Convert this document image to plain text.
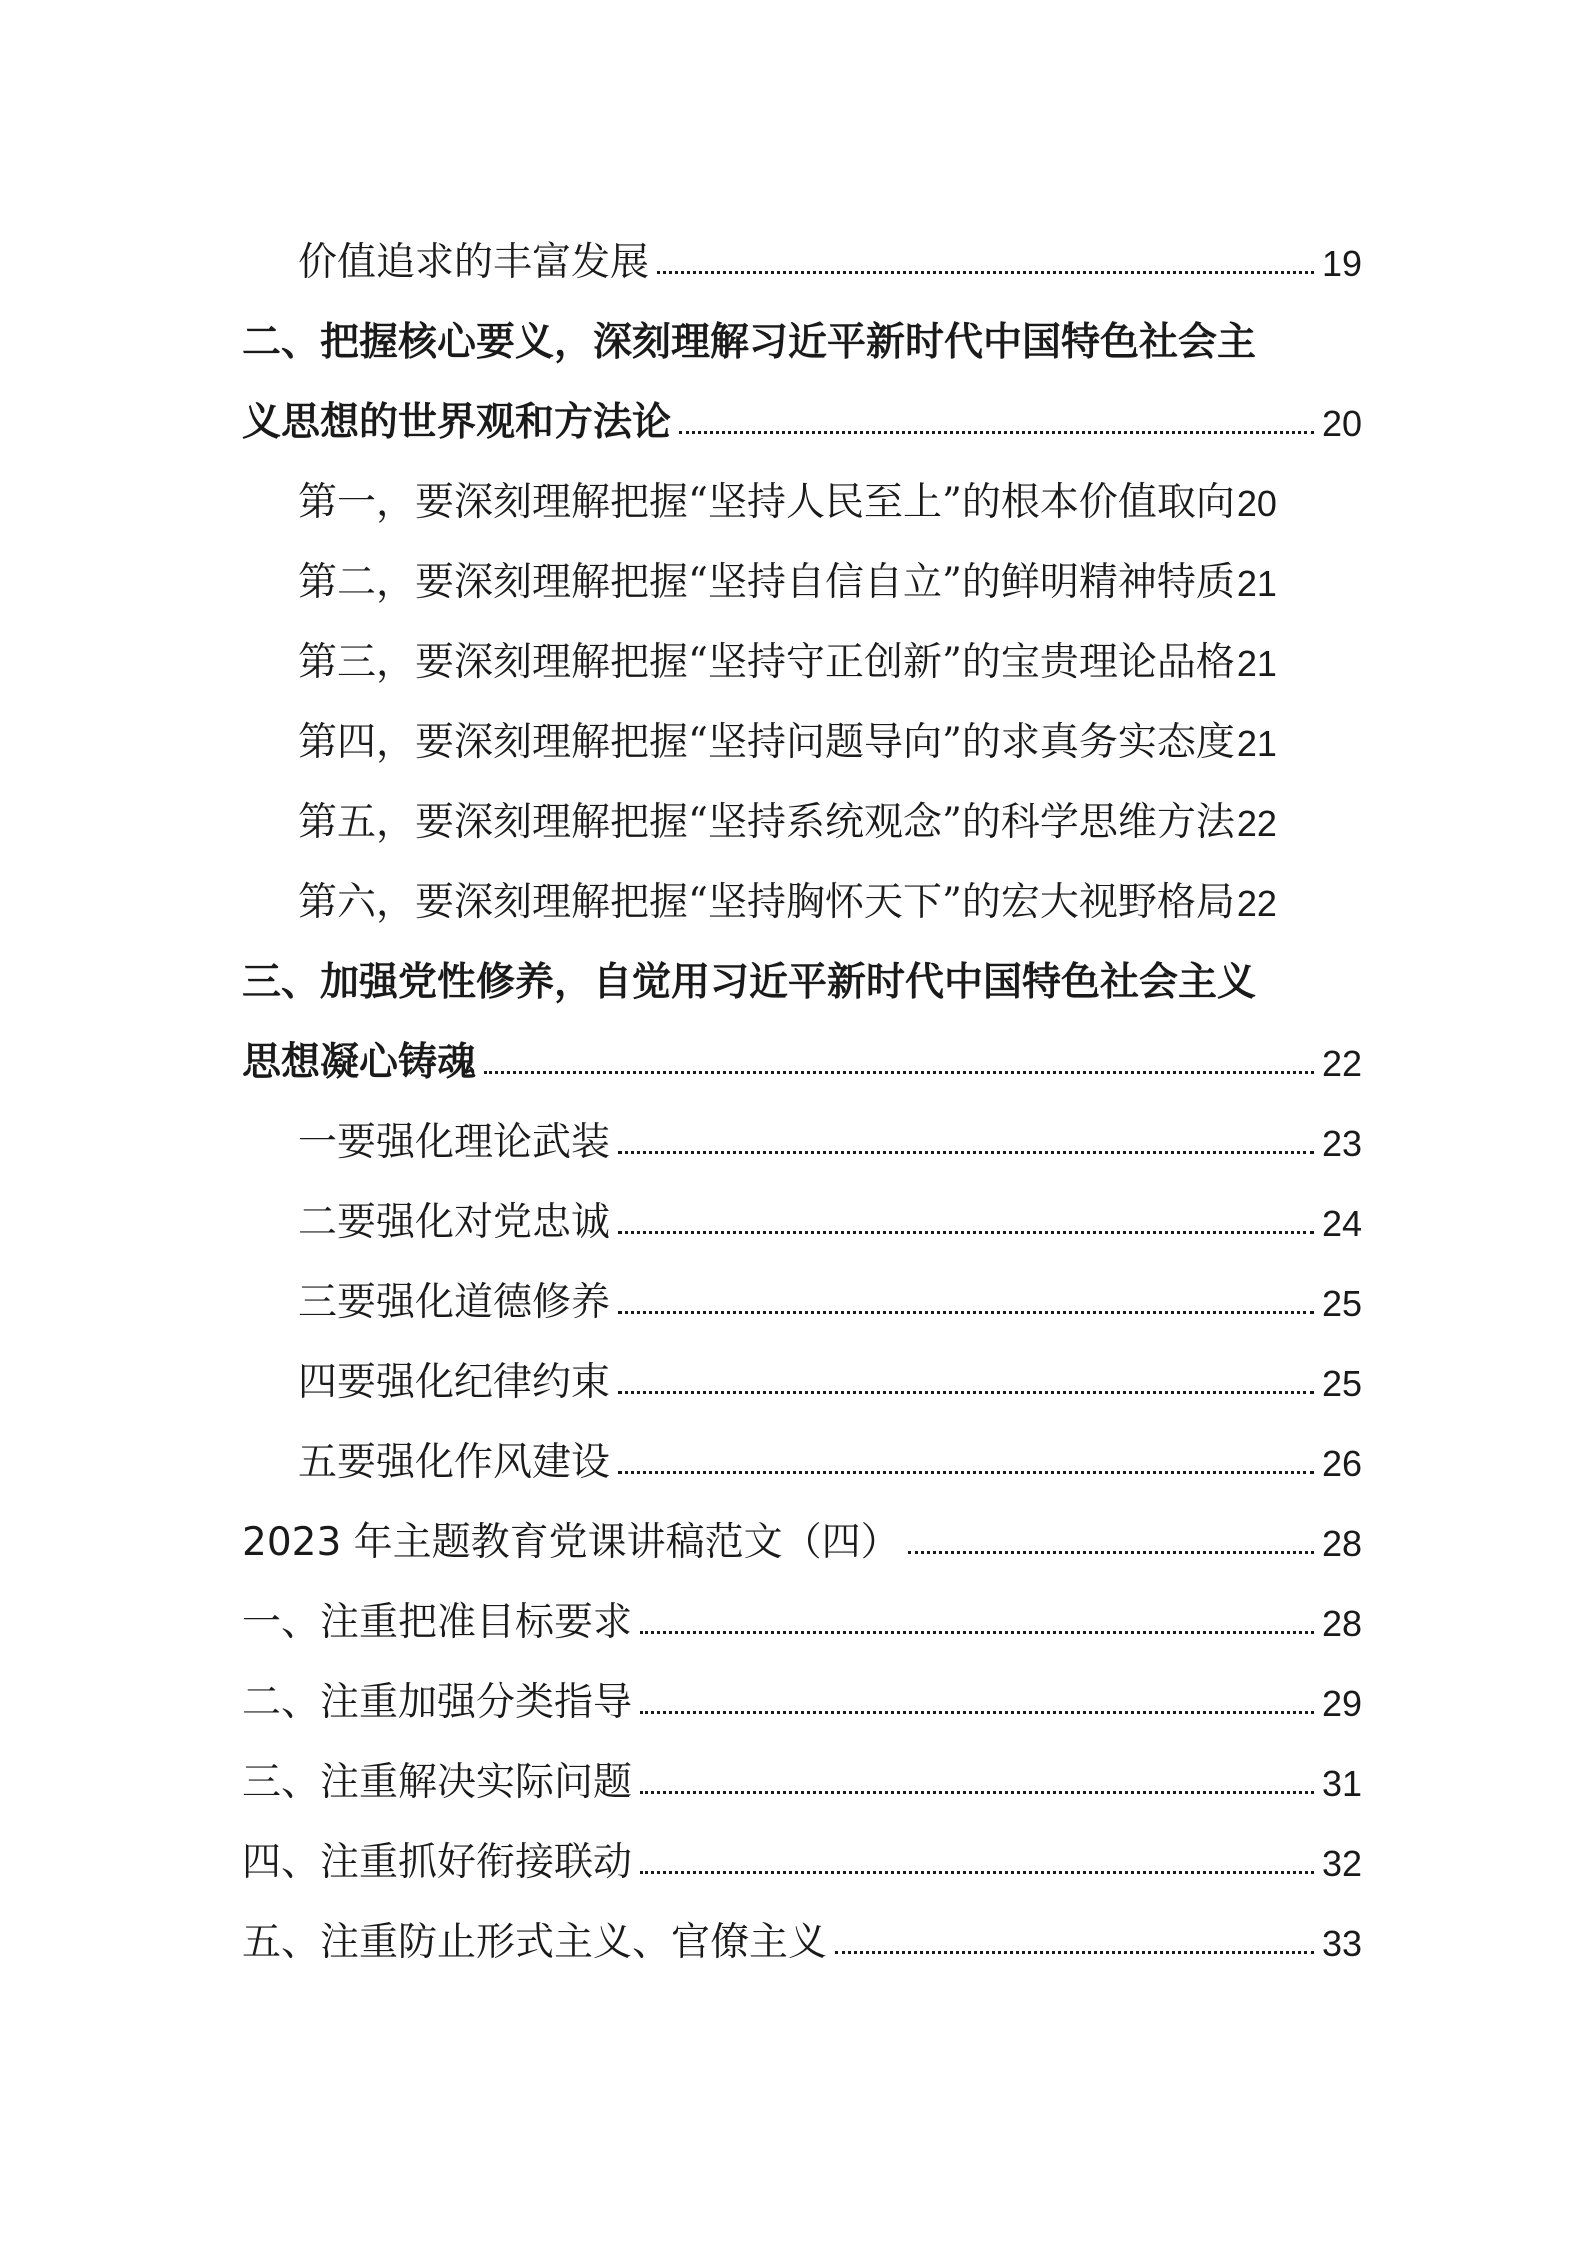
价值追求的丰富发展	19
二、把握核心要义，深刻理解习近平新时代中国特色社会主
义思想的世界观和方法论	20
第一，要深刻理解把握“坚持人民至上”的根本价值取向 20
第二，要深刻理解把握“坚持自信自立”的鲜明精神特质 21
第三，要深刻理解把握“坚持守正创新”的宝贵理论品格 21
第四，要深刻理解把握“坚持问题导向”的求真务实态度 21
第五，要深刻理解把握“坚持系统观念”的科学思维方法 22
第六，要深刻理解把握“坚持胸怀天下”的宏大视野格局 22
三、加强党性修养，自觉用习近平新时代中国特色社会主义
思想凝心铸魂	22
一要强化理论武装	23
二要强化对党忠诚	24
三要强化道德修养	25
四要强化纪律约束	25
五要强化作风建设	26
2023 年主题教育党课讲稿范文（四）	28
一、注重把准目标要求	28
二、注重加强分类指导	29
三、注重解决实际问题	31
四、注重抓好衔接联动	32
五、注重防止形式主义、官僚主义	33
